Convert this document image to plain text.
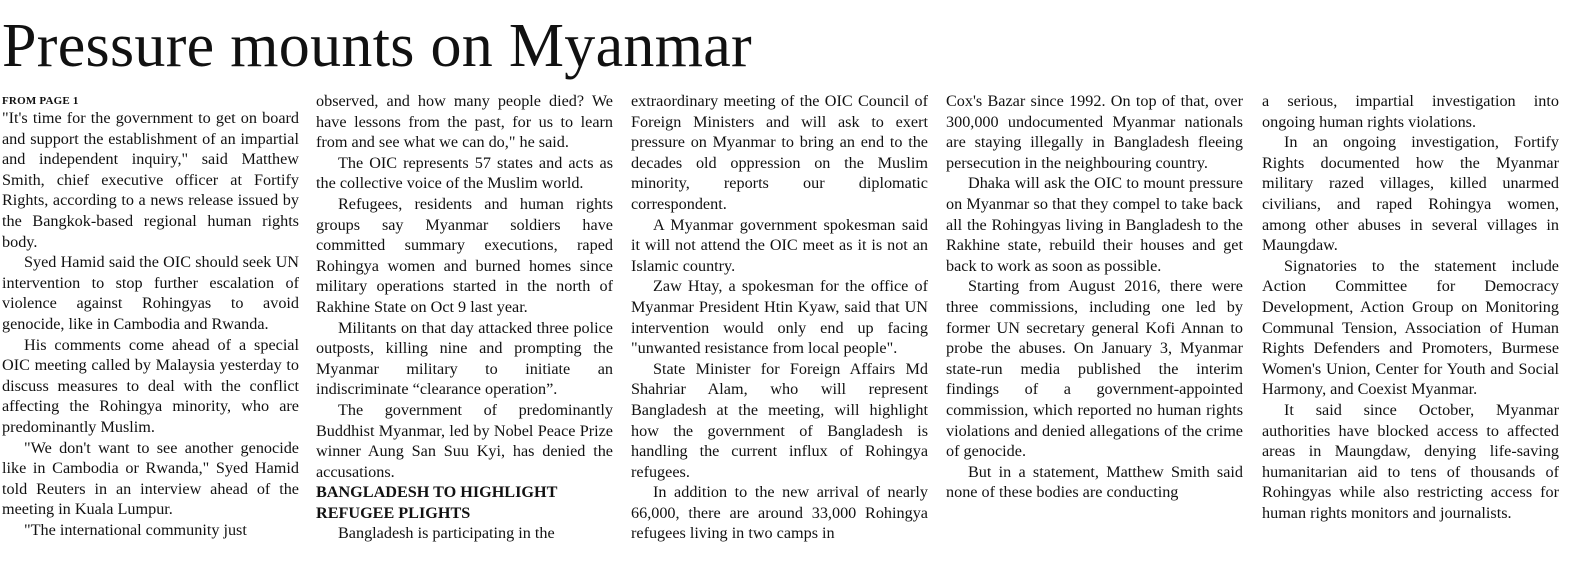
Pressure mounts on Myanmar
FROM PAGE 1

"It's time for the government to get on board and support the establishment of an impartial and independent inquiry," said Matthew Smith, chief executive officer at Fortify Rights, according to a news release issued by the Bangkok-based regional human rights body.

Syed Hamid said the OIC should seek UN intervention to stop further escalation of violence against Rohingyas to avoid genocide, like in Cambodia and Rwanda.

His comments come ahead of a special OIC meeting called by Malaysia yesterday to discuss measures to deal with the conflict affecting the Rohingya minority, who are predominantly Muslim.

"We don't want to see another genocide like in Cambodia or Rwanda," Syed Hamid told Reuters in an interview ahead of the meeting in Kuala Lumpur.

"The international community just

observed, and how many people died? We have lessons from the past, for us to learn from and see what we can do," he said.

The OIC represents 57 states and acts as the collective voice of the Muslim world.

Refugees, residents and human rights groups say Myanmar soldiers have committed summary executions, raped Rohingya women and burned homes since military operations started in the north of Rakhine State on Oct 9 last year.

Militants on that day attacked three police outposts, killing nine and prompting the Myanmar military to initiate an indiscriminate “clearance operation”.

The government of predominantly Buddhist Myanmar, led by Nobel Peace Prize winner Aung San Suu Kyi, has denied the accusations.

BANGLADESH TO HIGHLIGHT REFUGEE PLIGHTS

Bangladesh is participating in the

extraordinary meeting of the OIC Council of Foreign Ministers and will ask to exert pressure on Myanmar to bring an end to the decades old oppression on the Muslim minority, reports our diplomatic correspondent.

A Myanmar government spokesman said it will not attend the OIC meet as it is not an Islamic country.

Zaw Htay, a spokesman for the office of Myanmar President Htin Kyaw, said that UN intervention would only end up facing "unwanted resistance from local people".

State Minister for Foreign Affairs Md Shahriar Alam, who will represent Bangladesh at the meeting, will highlight how the government of Bangladesh is handling the current influx of Rohingya refugees.

In addition to the new arrival of nearly 66,000, there are around 33,000 Rohingya refugees living in two camps in

Cox's Bazar since 1992. On top of that, over 300,000 undocumented Myanmar nationals are staying illegally in Bangladesh fleeing persecution in the neighbouring country.

Dhaka will ask the OIC to mount pressure on Myanmar so that they compel to take back all the Rohingyas living in Bangladesh to the Rakhine state, rebuild their houses and get back to work as soon as possible.

Starting from August 2016, there were three commissions, including one led by former UN secretary general Kofi Annan to probe the abuses. On January 3, Myanmar state-run media published the interim findings of a government-appointed commission, which reported no human rights violations and denied allegations of the crime of genocide.

But in a statement, Matthew Smith said none of these bodies are conducting

a serious, impartial investigation into ongoing human rights violations.

In an ongoing investigation, Fortify Rights documented how the Myanmar military razed villages, killed unarmed civilians, and raped Rohingya women, among other abuses in several villages in Maungdaw.

Signatories to the statement include Action Committee for Democracy Development, Action Group on Monitoring Communal Tension, Association of Human Rights Defenders and Promoters, Burmese Women's Union, Center for Youth and Social Harmony, and Coexist Myanmar.

It said since October, Myanmar authorities have blocked access to affected areas in Maungdaw, denying life-saving humanitarian aid to tens of thousands of Rohingyas while also restricting access for human rights monitors and journalists.
